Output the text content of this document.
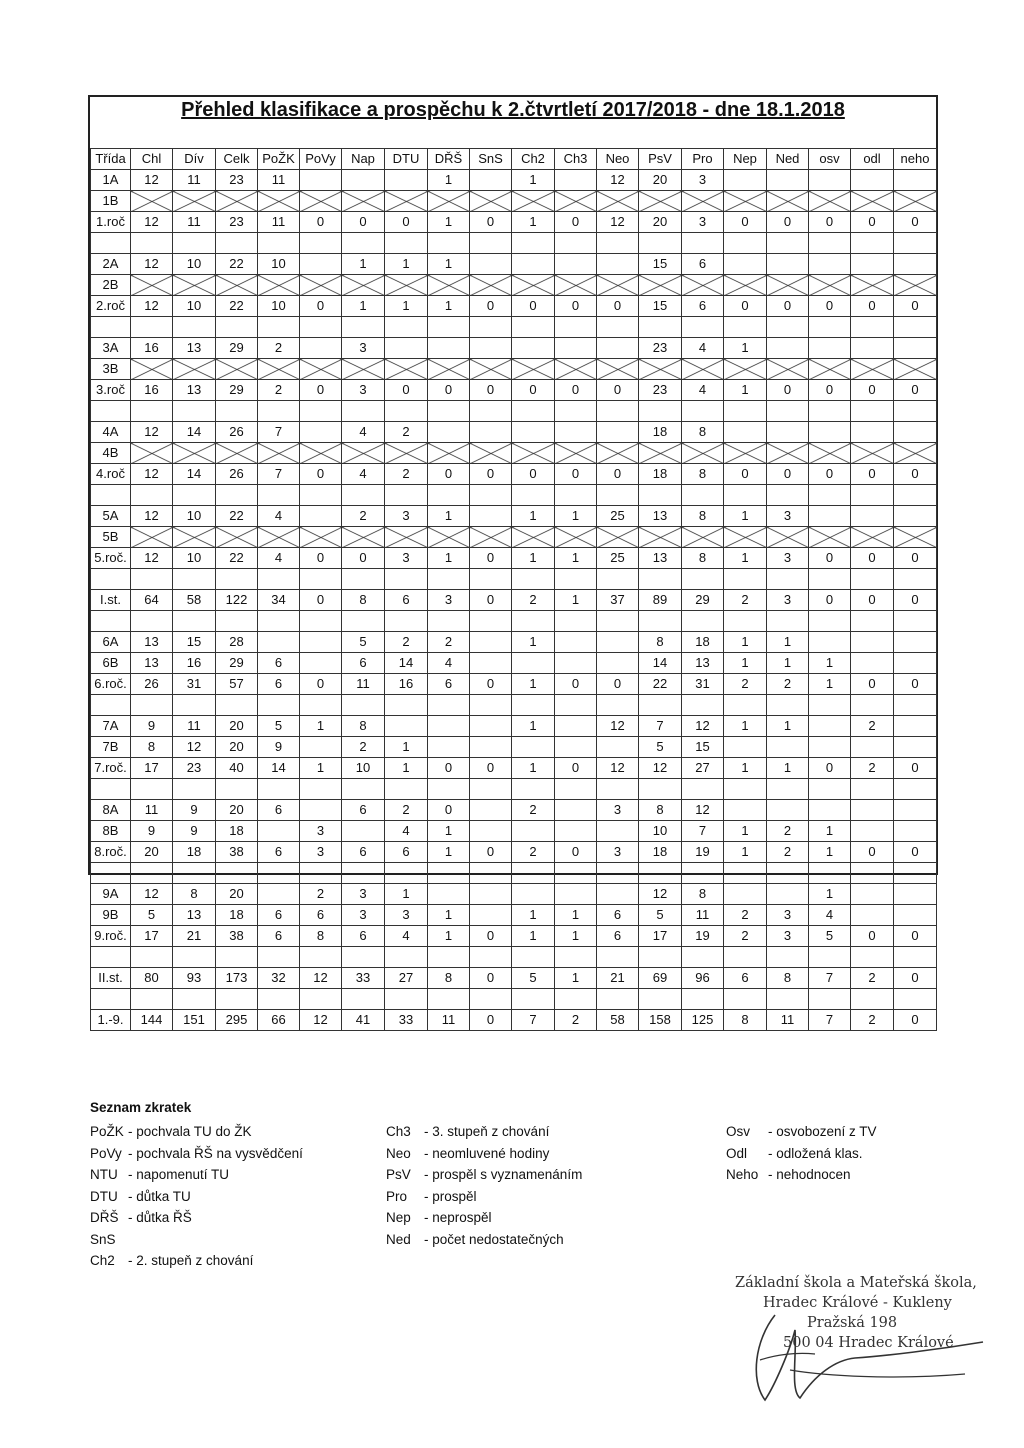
Přehled klasifikace a prospěchu k 2.čtvrtletí 2017/2018 - dne 18.1.2018
Třída	Chl	Dív	Celk	PoŽK	PoVy	Nap	DTU	DŘŠ	SnS	Ch2	Ch3	Neo	PsV	Pro	Nep	Ned	osv	odl	neho
1A	12	11	23	11				1		1		12	20	3					
1B																			
1.roč	12	11	23	11	0	0	0	1	0	1	0	12	20	3	0	0	0	0	0

2A	12	10	22	10		1	1	1					15	6					
2B																			
2.roč	12	10	22	10	0	1	1	1	0	0	0	0	15	6	0	0	0	0	0

3A	16	13	29	2		3							23	4	1				
3B																			
3.roč	16	13	29	2	0	3	0	0	0	0	0	0	23	4	1	0	0	0	0

4A	12	14	26	7		4	2						18	8					
4B																			
4.roč	12	14	26	7	0	4	2	0	0	0	0	0	18	8	0	0	0	0	0

5A	12	10	22	4		2	3	1		1	1	25	13	8	1	3			
5B																			
5.roč.	12	10	22	4	0	0	3	1	0	1	1	25	13	8	1	3	0	0	0

I.st.	64	58	122	34	0	8	6	3	0	2	1	37	89	29	2	3	0	0	0

6A	13	15	28			5	2	2		1			8	18	1	1			
6B	13	16	29	6		6	14	4					14	13	1	1	1		
6.roč.	26	31	57	6	0	11	16	6	0	1	0	0	22	31	2	2	1	0	0

7A	9	11	20	5	1	8				1		12	7	12	1	1		2	
7B	8	12	20	9		2	1						5	15					
7.roč.	17	23	40	14	1	10	1	0	0	1	0	12	12	27	1	1	0	2	0

8A	11	9	20	6		6	2	0		2		3	8	12					
8B	9	9	18		3		4	1					10	7	1	2	1		
8.roč.	20	18	38	6	3	6	6	1	0	2	0	3	18	19	1	2	1	0	0

9A	12	8	20		2	3	1						12	8			1		
9B	5	13	18	6	6	3	3	1		1	1	6	5	11	2	3	4		
9.roč.	17	21	38	6	8	6	4	1	0	1	1	6	17	19	2	3	5	0	0

II.st.	80	93	173	32	12	33	27	8	0	5	1	21	69	96	6	8	7	2	0

1.-9.	144	151	295	66	12	41	33	11	0	7	2	58	158	125	8	11	7	2	0
Seznam zkratek
PoŽK - pochvala TU do ŽK
PoVy - pochvala ŘŠ na vysvědčení
NTU - napomenutí TU
DTU - důtka TU
DŘŠ - důtka ŘŠ
SnS
Ch2 - 2. stupeň z chování
Ch3 - 3. stupeň z chování
Neo - neomluvené hodiny
PsV - prospěl s vyznamenáním
Pro - prospěl
Nep - neprospěl
Ned - počet nedostatečných
Osv - osvobození z TV
Odl - odložená klas.
Neho - nehodnocen
Základní škola a Mateřská škola,
Hradec Králové - Kukleny
Pražská 198
500 04 Hradec Králové
